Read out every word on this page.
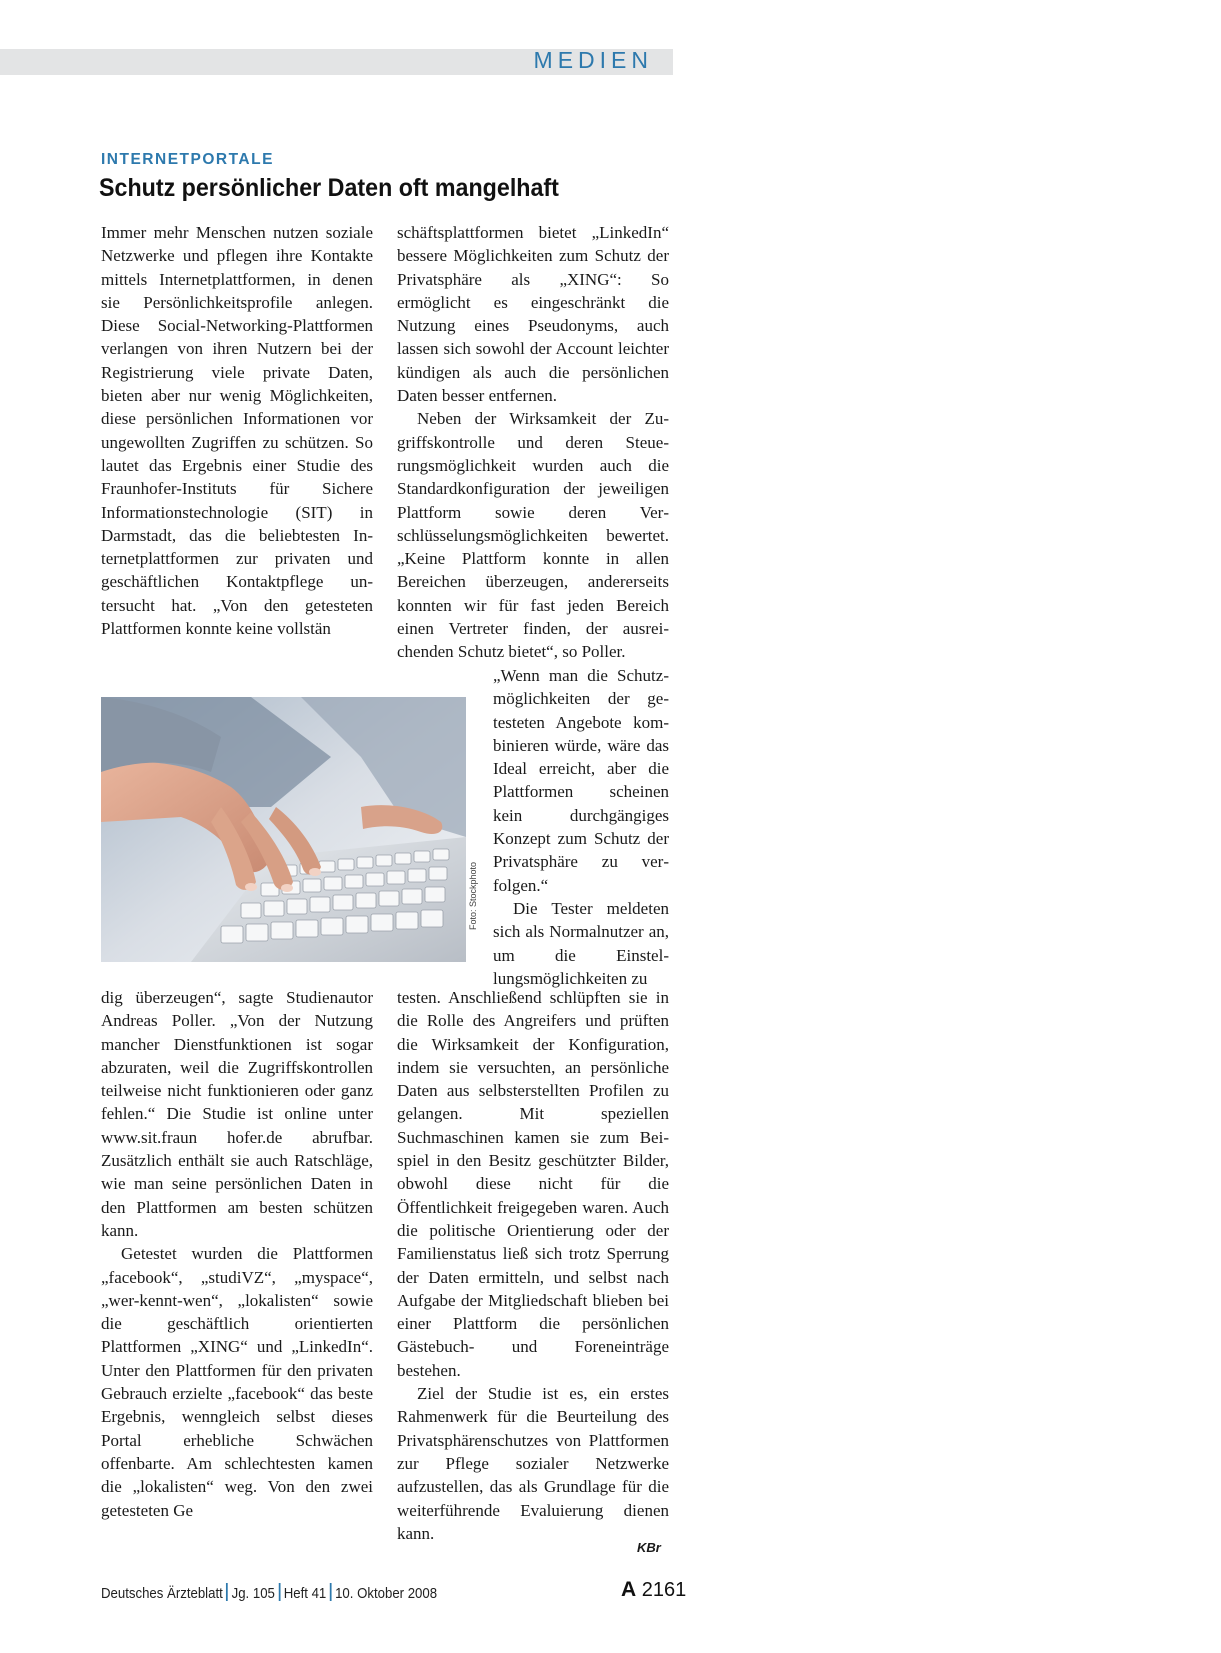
MEDIEN
INTERNETPORTALE
Schutz persönlicher Daten oft mangelhaft

Immer mehr Menschen nutzen soziale Netzwerke und pflegen ihre Kontakte mittels Internetplattformen, in denen sie Persönlichkeitsprofile anlegen. Diese Social-Networking-Plattformen verlangen von ihren Nutzern bei der Registrierung viele private Daten, bieten aber nur wenig Möglichkeiten, diese persönlichen Informationen vor ungewollten Zugriffen zu schützen. So lautet das Ergebnis einer Studie des Fraunhofer-Instituts für Sichere Informationstechnologie (SIT) in Darmstadt, das die beliebtesten Internetplattformen zur privaten und geschäftlichen Kontaktpflege untersucht hat. „Von den getesteten Plattformen konnte keine vollstän

Foto: Stockphoto

dig überzeugen“, sagte Studienautor Andreas Poller. „Von der Nutzung mancher Dienstfunktionen ist sogar abzuraten, weil die Zugriffskontrollen teilweise nicht funktionieren oder ganz fehlen.“ Die Studie ist online unter www.sit.fraun hofer.de abrufbar. Zusätzlich enthält sie auch Ratschläge, wie man seine persönlichen Daten in den Plattformen am besten schützen kann.

Getestet wurden die Plattformen „facebook“, „studiVZ“, „myspace“, „wer-kennt-wen“, „lokalisten“ sowie die geschäftlich orientierten Plattformen „XING“ und „LinkedIn“. Unter den Plattformen für den privaten Gebrauch erzielte „facebook“ das beste Ergebnis, wenngleich selbst dieses Portal erhebliche Schwächen offenbarte. Am schlechtesten kamen die „lokalisten“ weg. Von den zwei getesteten Ge

schäftsplattformen bietet „LinkedIn“ bessere Möglichkeiten zum Schutz der Privatsphäre als „XING“: So ermöglicht es eingeschränkt die Nutzung eines Pseudonyms, auch lassen sich sowohl der Account leichter kündigen als auch die persönlichen Daten besser entfernen.

Neben der Wirksamkeit der Zugriffskontrolle und deren Steuerungsmöglichkeit wurden auch die Standardkonfiguration der jeweiligen Plattform sowie deren Verschlüsselungsmöglichkeiten bewertet. „Keine Plattform konnte in allen Bereichen überzeugen, andererseits konnten wir für fast jeden Bereich einen Vertreter finden, der ausreichenden Schutz bietet“, so Poller.

„Wenn man die Schutzmöglichkeiten der getesteten Angebote kombinieren würde, wäre das Ideal erreicht, aber die Plattformen scheinen kein durchgängiges Konzept zum Schutz der Privatsphäre zu verfolgen.“

Die Tester meldeten sich als Normalnutzer an, um die Einstellungsmöglichkeiten zu

testen. Anschließend schlüpften sie in die Rolle des Angreifers und prüften die Wirksamkeit der Konfiguration, indem sie versuchten, an persönliche Daten aus selbsterstellten Profilen zu gelangen. Mit speziellen Suchmaschinen kamen sie zum Beispiel in den Besitz geschützter Bilder, obwohl diese nicht für die Öffentlichkeit freigegeben waren. Auch die politische Orientierung oder der Familienstatus ließ sich trotz Sperrung der Daten ermitteln, und selbst nach Aufgabe der Mitgliedschaft blieben bei einer Plattform die persönlichen Gästebuch- und Foreneinträge bestehen.

Ziel der Studie ist es, ein erstes Rahmenwerk für die Beurteilung des Privatsphärenschutzes von Plattformen zur Pflege sozialer Netzwerke aufzustellen, das als Grundlage für die weiterführende Evaluierung dienen kann.

KBr
Deutsches Ärzteblatt Jg. 105 Heft 41 10. Oktober 2008	A 2161
